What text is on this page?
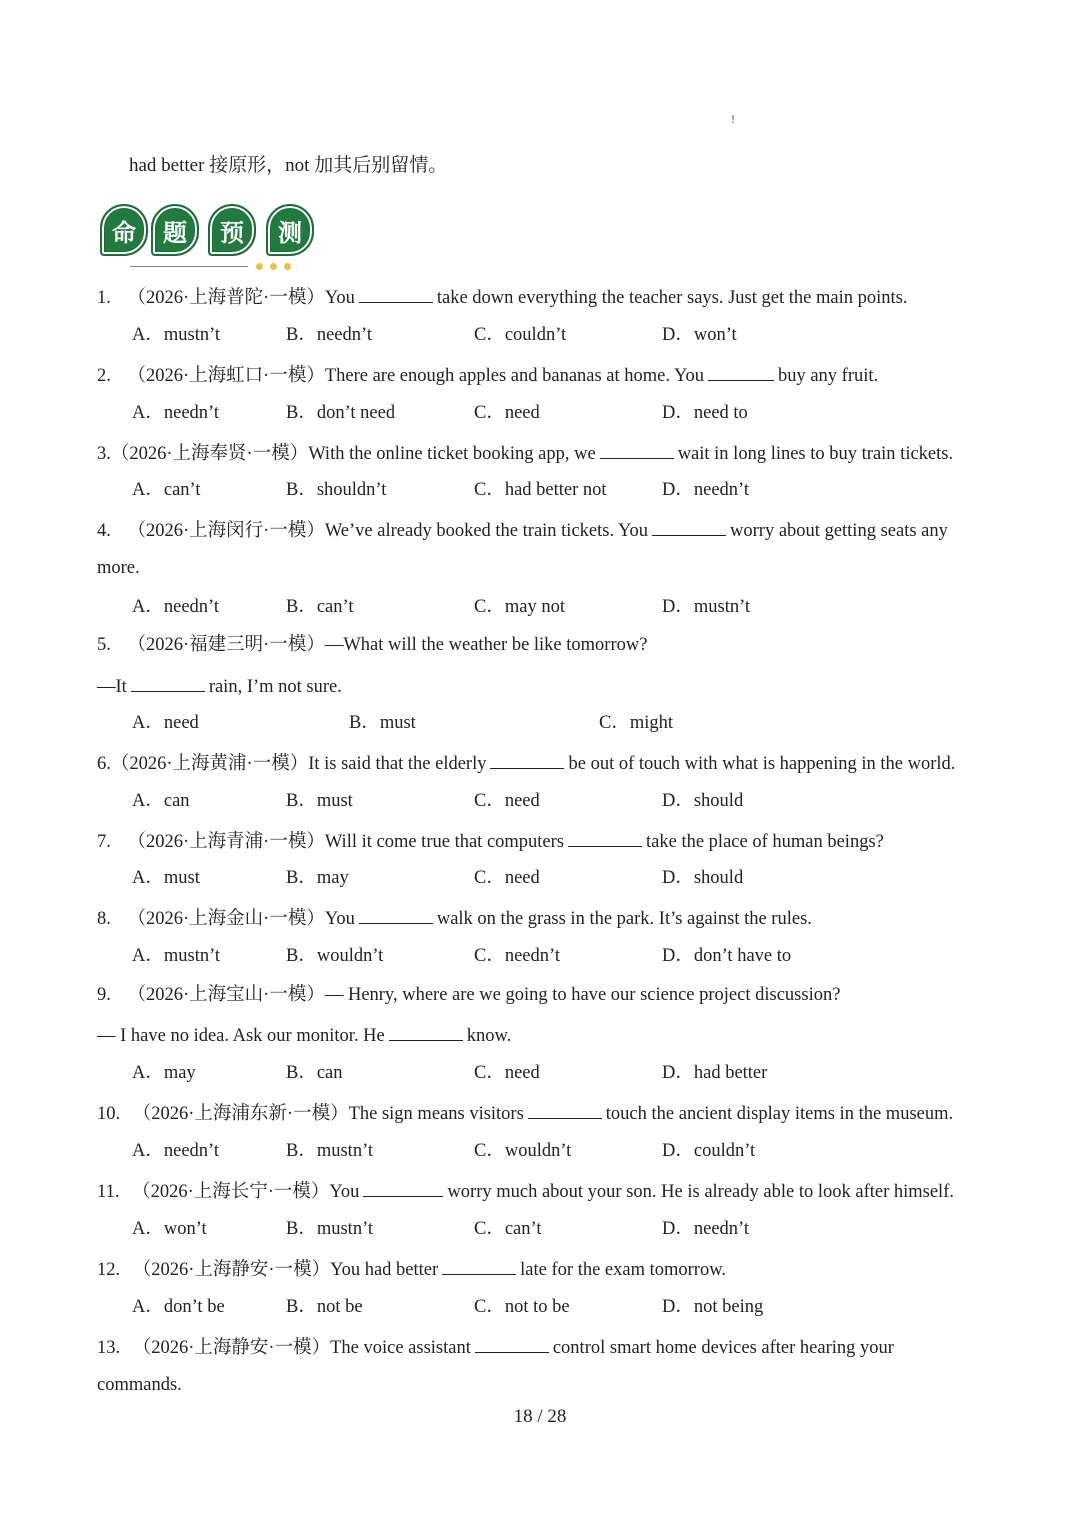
!
had better 接原形，not 加其后别留情。
命 题 预 测
1. （2026·上海普陀·一模）You	take down everything the teacher says. Just get the main points.
A．mustn’t	B．needn’t	C．couldn’t	D．won’t
2. （2026·上海虹口·一模）There are enough apples and bananas at home. You	buy any fruit.
A．needn’t	B．don’t need	C．need	D．need to
3.（2026·上海奉贤·一模）With the online ticket booking app, we	wait in long lines to buy train tickets.
A．can’t	B．shouldn’t	C．had better not	D．needn’t
4. （2026·上海闵行·一模）We’ve already booked the train tickets. You	worry about getting seats any
more.
A．needn’t	B．can’t	C．may not	D．mustn’t
5. （2026·福建三明·一模）—What will the weather be like tomorrow?
—It	rain, I’m not sure.
A．need	B．must	C．might
6.（2026·上海黄浦·一模）It is said that the elderly	be out of touch with what is happening in the world.
A．can	B．must	C．need	D．should
7. （2026·上海青浦·一模）Will it come true that computers	take the place of human beings?
A．must	B．may	C．need	D．should
8. （2026·上海金山·一模）You	walk on the grass in the park. It’s against the rules.
A．mustn’t	B．wouldn’t	C．needn’t	D．don’t have to
9. （2026·上海宝山·一模）— Henry, where are we going to have our science project discussion?
— I have no idea. Ask our monitor. He	know.
A．may	B．can	C．need	D．had better
10. （2026·上海浦东新·一模）The sign means visitors	touch the ancient display items in the museum.
A．needn’t	B．mustn’t	C．wouldn’t	D．couldn’t
11. （2026·上海长宁·一模）You	worry much about your son. He is already able to look after himself.
A．won’t	B．mustn’t	C．can’t	D．needn’t
12. （2026·上海静安·一模）You had better	late for the exam tomorrow.
A．don’t be	B．not be	C．not to be	D．not being
13. （2026·上海静安·一模）The voice assistant	control smart home devices after hearing your
commands.
18 / 28
